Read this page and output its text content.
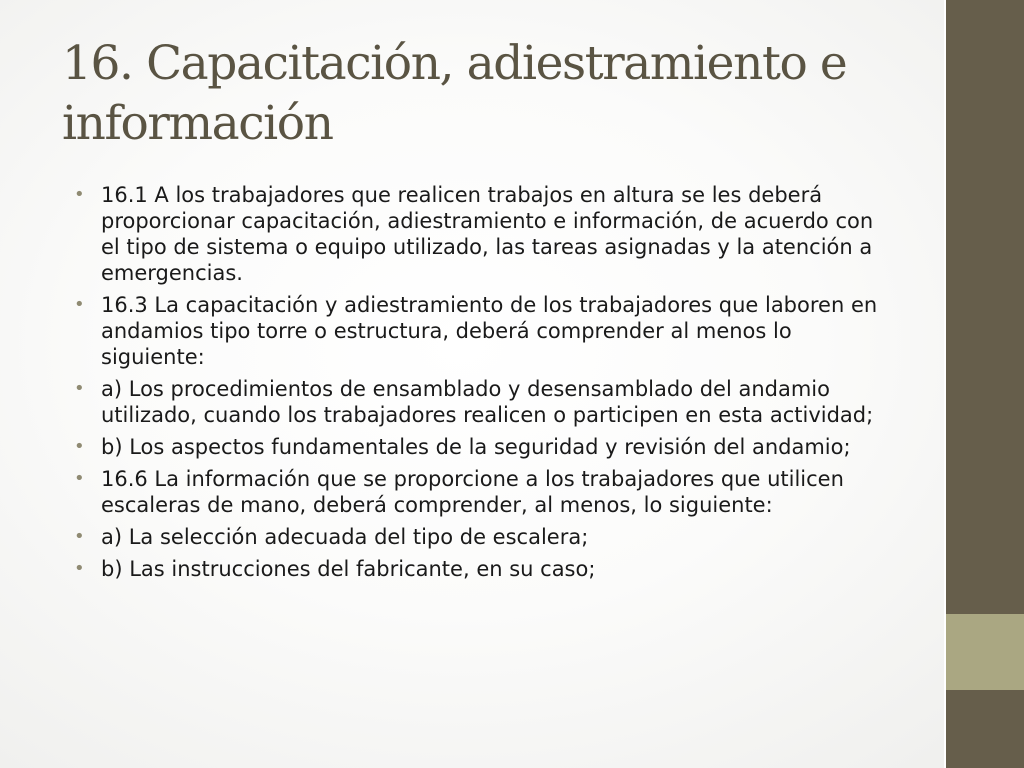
16. Capacitación, adiestramiento e información
• 16.1 A los trabajadores que realicen trabajos en altura se les deberá proporcionar capacitación, adiestramiento e información, de acuerdo con el tipo de sistema o equipo utilizado, las tareas asignadas y la atención a emergencias.
• 16.3 La capacitación y adiestramiento de los trabajadores que laboren en andamios tipo torre o estructura, deberá comprender al menos lo siguiente:
• a) Los procedimientos de ensamblado y desensamblado del andamio utilizado, cuando los trabajadores realicen o participen en esta actividad;
• b) Los aspectos fundamentales de la seguridad y revisión del andamio;
• 16.6 La información que se proporcione a los trabajadores que utilicen escaleras de mano, deberá comprender, al menos, lo siguiente:
• a) La selección adecuada del tipo de escalera;
• b) Las instrucciones del fabricante, en su caso;
